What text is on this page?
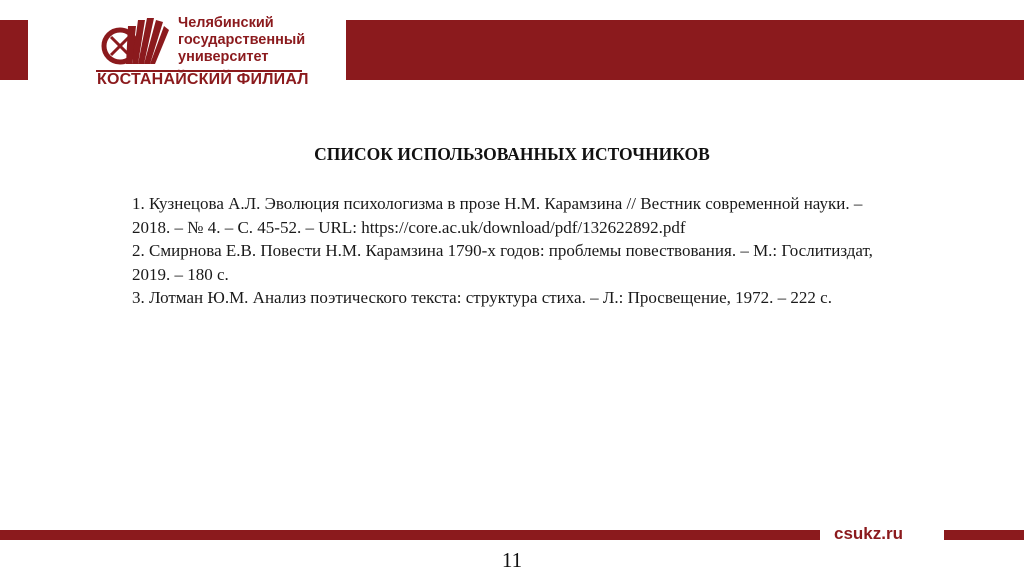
Челябинский
государственный
университет
КОСТАНАЙСКИЙ ФИЛИАЛ
СПИСОК ИСПОЛЬЗОВАННЫХ ИСТОЧНИКОВ

1. Кузнецова А.Л. Эволюция психологизма в прозе Н.М. Карамзина // Вестник современной науки. – 2018. – № 4. – С. 45-52. – URL: https://core.ac.uk/download/pdf/132622892.pdf

2. Смирнова Е.В. Повести Н.М. Карамзина 1790-х годов: проблемы повествования. – М.: Гослитиздат, 2019. – 180 с.

3. Лотман Ю.М. Анализ поэтического текста: структура стиха. – Л.: Просвещение, 1972. – 222 с.

csukz.ru
11
